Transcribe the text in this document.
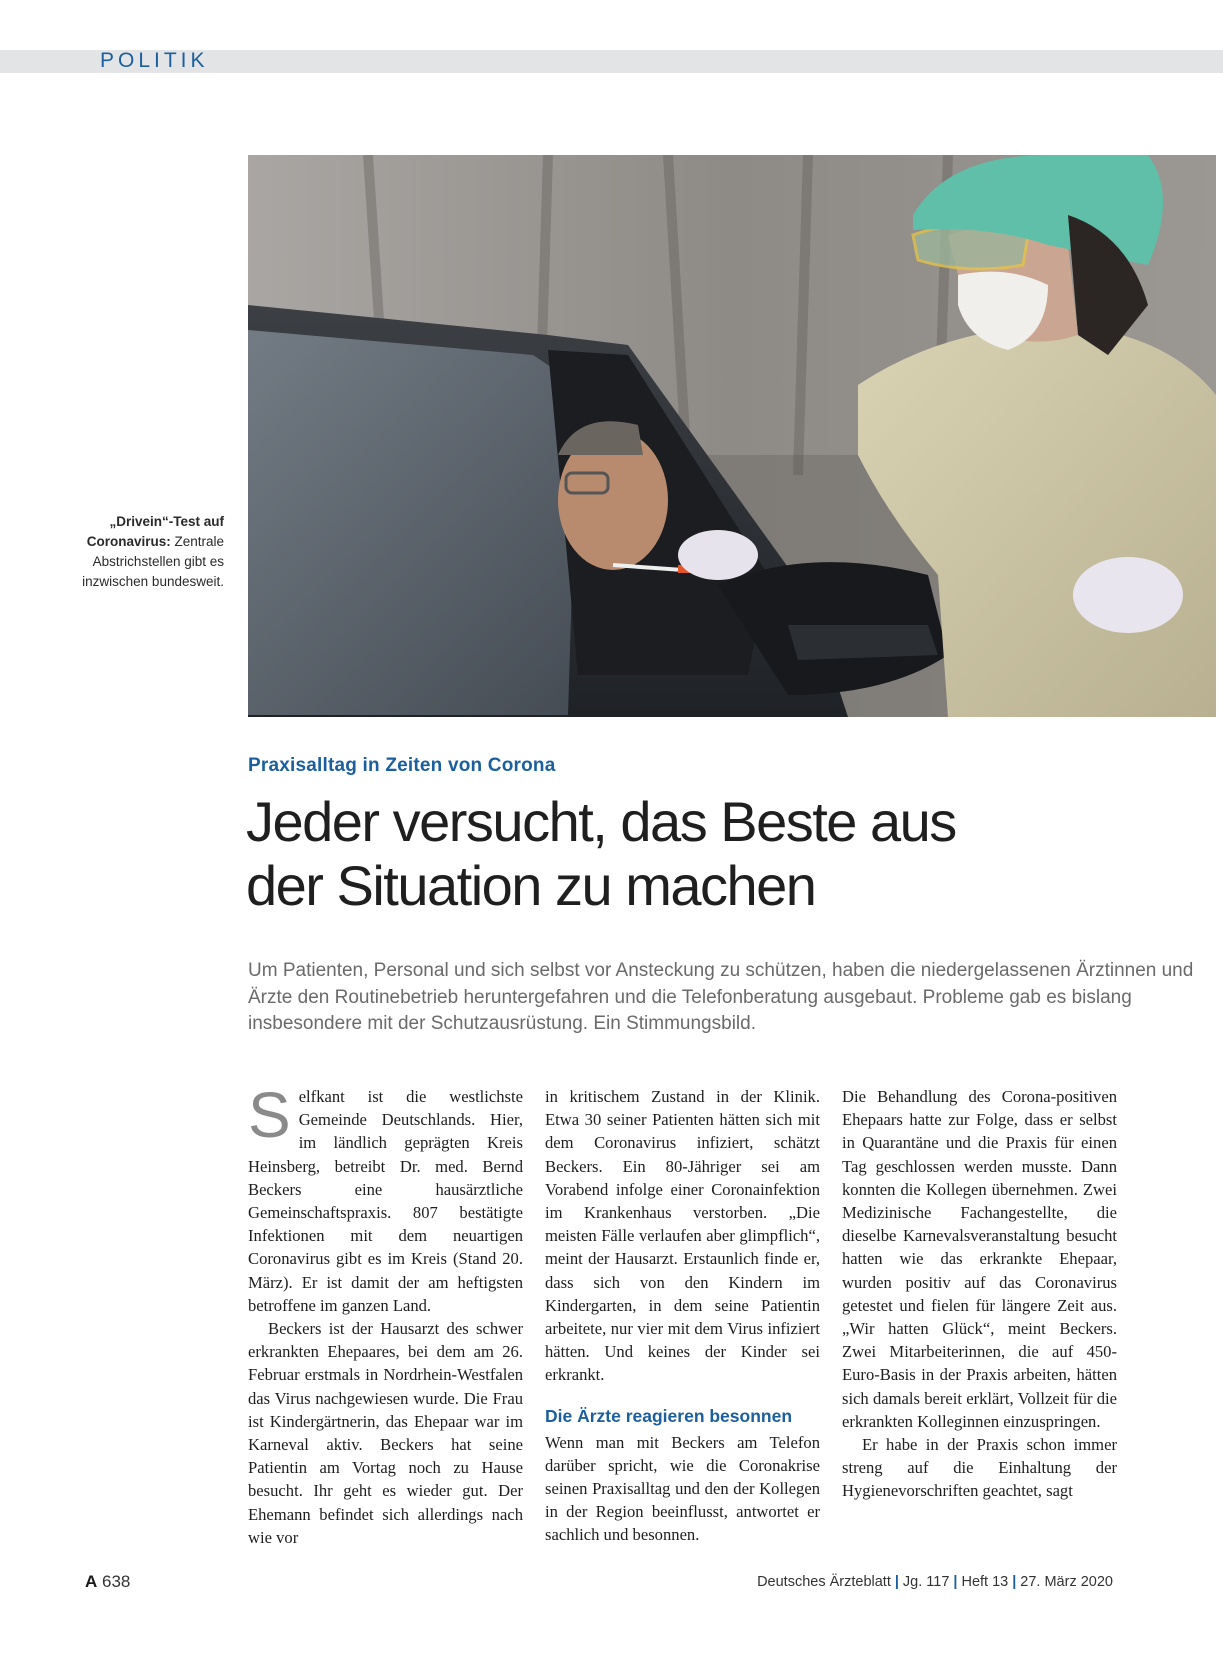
POLITIK
„Drivein“-Test auf Coronavirus: Zentrale Abstrichstellen gibt es inzwischen bundesweit.
Praxisalltag in Zeiten von Corona
Jeder versucht, das Beste aus
der Situation zu machen

Um Patienten, Personal und sich selbst vor Ansteckung zu schützen, haben die niedergelassenen Ärztinnen und Ärzte den Routinebetrieb heruntergefahren und die Telefonberatung ausgebaut. Probleme gab es bislang insbesondere mit der Schutzausrüstung. Ein Stimmungsbild.

Selfkant ist die westlichste Gemeinde Deutschlands. Hier, im ländlich geprägten Kreis Heinsberg, betreibt Dr. med. Bernd Beckers eine hausärztliche Gemeinschaftspraxis. 807 bestätigte Infektionen mit dem neuartigen Coronavirus gibt es im Kreis (Stand 20. März). Er ist damit der am heftigsten betroffene im ganzen Land.

Beckers ist der Hausarzt des schwer erkrankten Ehepaares, bei dem am 26. Februar erstmals in Nordrhein-Westfalen das Virus nachgewiesen wurde. Die Frau ist Kindergärtnerin, das Ehepaar war im Karneval aktiv. Beckers hat seine Patientin am Vortag noch zu Hause besucht. Ihr geht es wieder gut. Der Ehemann befindet sich allerdings nach wie vor

in kritischem Zustand in der Klinik. Etwa 30 seiner Patienten hätten sich mit dem Coronavirus infiziert, schätzt Beckers. Ein 80-Jähriger sei am Vorabend infolge einer Coronainfektion im Krankenhaus verstorben. „Die meisten Fälle verlaufen aber glimpflich“, meint der Hausarzt. Erstaunlich finde er, dass sich von den Kindern im Kindergarten, in dem seine Patientin arbeitete, nur vier mit dem Virus infiziert hätten. Und keines der Kinder sei erkrankt.

Die Ärzte reagieren besonnen

Wenn man mit Beckers am Telefon darüber spricht, wie die Coronakrise seinen Praxisalltag und den der Kollegen in der Region beeinflusst, antwortet er sachlich und besonnen.

Die Behandlung des Corona-positiven Ehepaars hatte zur Folge, dass er selbst in Quarantäne und die Praxis für einen Tag geschlossen werden musste. Dann konnten die Kollegen übernehmen. Zwei Medizinische Fachangestellte, die dieselbe Karnevalsveranstaltung besucht hatten wie das erkrankte Ehepaar, wurden positiv auf das Coronavirus getestet und fielen für längere Zeit aus. „Wir hatten Glück“, meint Beckers. Zwei Mitarbeiterinnen, die auf 450-Euro-Basis in der Praxis arbeiten, hätten sich damals bereit erklärt, Vollzeit für die erkrankten Kolleginnen einzuspringen.

Er habe in der Praxis schon immer streng auf die Einhaltung der Hygienevorschriften geachtet, sagt

A 638	Deutsches Ärzteblatt | Jg. 117 | Heft 13 | 27. März 2020
